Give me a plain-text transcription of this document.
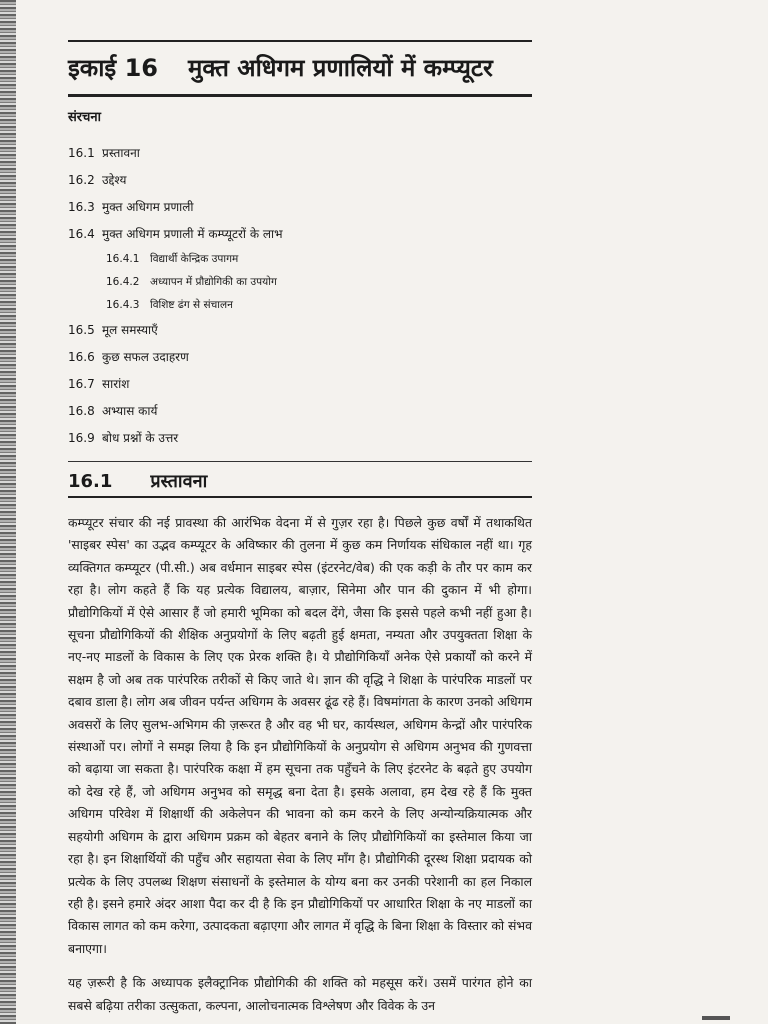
इकाई 16 मुक्त अधिगम प्रणालियों में कम्प्यूटर
संरचना
16.1 प्रस्तावना
16.2 उद्देश्य
16.3 मुक्त अधिगम प्रणाली
16.4 मुक्त अधिगम प्रणाली में कम्प्यूटरों के लाभ
16.4.1	विद्यार्थी केन्द्रिक उपागम
16.4.2	अध्यापन में प्रौद्योगिकी का उपयोग
16.4.3	विशिष्ट ढंग से संचालन
16.5 मूल समस्याएँ
16.6 कुछ सफल उदाहरण
16.7 सारांश
16.8 अभ्यास कार्य
16.9 बोध प्रश्नों के उत्तर
16.1 प्रस्तावना

कम्प्यूटर संचार की नई प्रावस्था की आरंभिक वेदना में से गुज़र रहा है। पिछले कुछ वर्षों में तथाकथित 'साइबर स्पेस' का उद्भव कम्प्यूटर के अविष्कार की तुलना में कुछ कम निर्णायक संधिकाल नहीं था। गृह व्यक्तिगत कम्प्यूटर (पी.सी.) अब वर्धमान साइबर स्पेस (इंटरनेट/वेब) की एक कड़ी के तौर पर काम कर रहा है। लोग कहते हैं कि यह प्रत्येक विद्यालय, बाज़ार, सिनेमा और पान की दुकान में भी होगा। प्रौद्योगिकियों में ऐसे आसार हैं जो हमारी भूमिका को बदल देंगे, जैसा कि इससे पहले कभी नहीं हुआ है। सूचना प्रौद्योगिकियों की शैक्षिक अनुप्रयोगों के लिए बढ़ती हुई क्षमता, नम्यता और उपयुक्तता शिक्षा के नए-नए माडलों के विकास के लिए एक प्रेरक शक्ति है। ये प्रौद्योगिकियाँ अनेक ऐसे प्रकार्यों को करने में सक्षम है जो अब तक पारंपरिक तरीकों से किए जाते थे। ज्ञान की वृद्धि ने शिक्षा के पारंपरिक माडलों पर दबाव डाला है। लोग अब जीवन पर्यन्त अधिगम के अवसर ढूंढ रहे हैं। विषमांगता के कारण उनको अधिगम अवसरों के लिए सुलभ-अभिगम की ज़रूरत है और वह भी घर, कार्यस्थल, अधिगम केन्द्रों और पारंपरिक संस्थाओं पर। लोगों ने समझ लिया है कि इन प्रौद्योगिकियों के अनुप्रयोग से अधिगम अनुभव की गुणवत्ता को बढ़ाया जा सकता है। पारंपरिक कक्षा में हम सूचना तक पहुँचने के लिए इंटरनेट के बढ़ते हुए उपयोग को देख रहे हैं, जो अधिगम अनुभव को समृद्ध बना देता है। इसके अलावा, हम देख रहे हैं कि मुक्त अधिगम परिवेश में शिक्षार्थी की अकेलेपन की भावना को कम करने के लिए अन्योन्यक्रियात्मक और सहयोगी अधिगम के द्वारा अधिगम प्रक्रम को बेहतर बनाने के लिए प्रौद्योगिकियों का इस्तेमाल किया जा रहा है। इन शिक्षार्थियों की पहुँच और सहायता सेवा के लिए माँग है। प्रौद्योगिकी दूरस्थ शिक्षा प्रदायक को प्रत्येक के लिए उपलब्ध शिक्षण संसाधनों के इस्तेमाल के योग्य बना कर उनकी परेशानी का हल निकाल रही है। इसने हमारे अंदर आशा पैदा कर दी है कि इन प्रौद्योगिकियों पर आधारित शिक्षा के नए माडलों का विकास लागत को कम करेगा, उत्पादकता बढ़ाएगा और लागत में वृद्धि के बिना शिक्षा के विस्तार को संभव बनाएगा।

यह ज़रूरी है कि अध्यापक इलैक्ट्रानिक प्रौद्योगिकी की शक्ति को महसूस करें। उसमें पारंगत होने का सबसे बढ़िया तरीका उत्सुकता, कल्पना, आलोचनात्मक विश्लेषण और विवेक के उन
